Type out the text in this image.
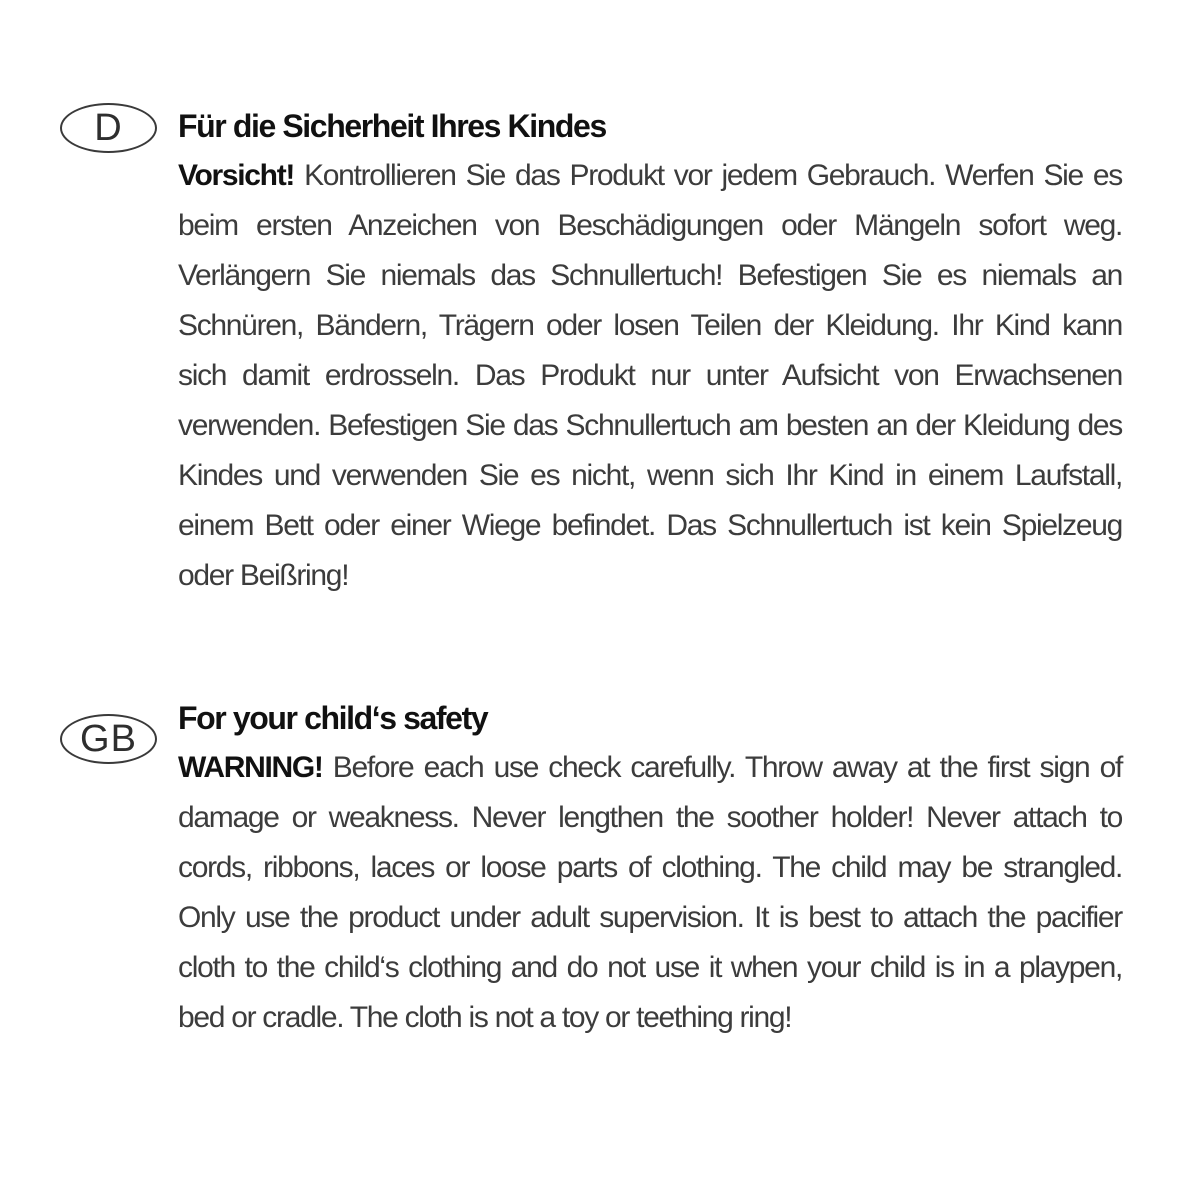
D	Für die Sicherheit Ihres Kindes
Vorsicht! Kontrollieren Sie das Produkt vor jedem Gebrauch. Werfen Sie es beim ersten Anzeichen von Beschädigungen oder Mängeln sofort weg. Verlängern Sie niemals das Schnullertuch! Befestigen Sie es niemals an Schnüren, Bändern, Trägern oder losen Teilen der Kleidung. Ihr Kind kann sich damit erdrosseln. Das Produkt nur unter Aufsicht von Erwachsenen verwenden. Befestigen Sie das Schnullertuch am besten an der Kleidung des Kindes und verwenden Sie es nicht, wenn sich Ihr Kind in einem Laufstall, einem Bett oder einer Wiege befindet. Das Schnullertuch ist kein Spielzeug oder Beißring!
GB	For your child‘s safety
WARNING! Before each use check carefully. Throw away at the first sign of damage or weakness. Never lengthen the soother holder! Never attach to cords, ribbons, laces or loose parts of clothing. The child may be strangled. Only use the product under adult supervision. It is best to attach the pacifier cloth to the child‘s clothing and do not use it when your child is in a playpen, bed or cradle. The cloth is not a toy or teething ring!
